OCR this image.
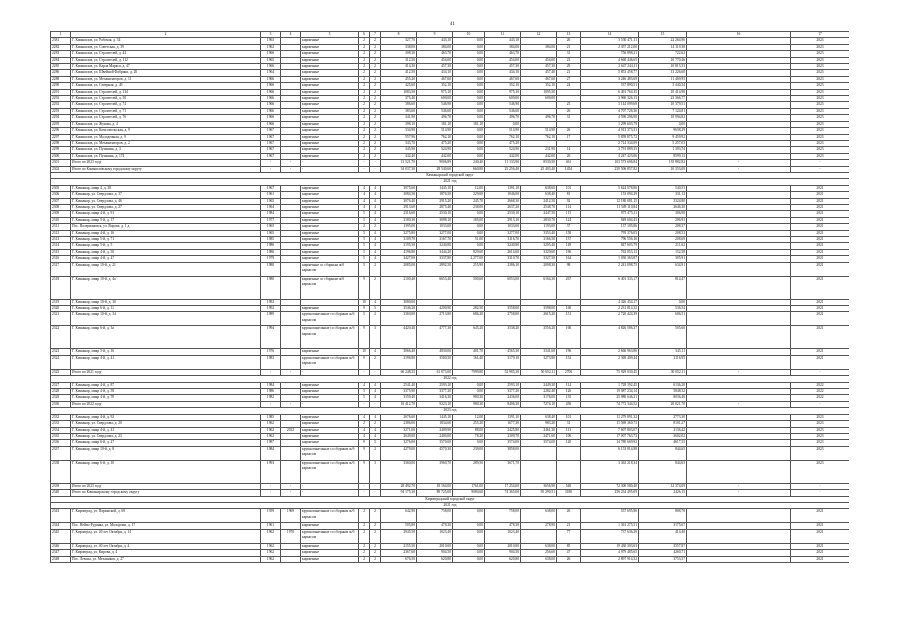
41
1	2	3	4	5	6	7	8	9	10	11	12	13	14	15	16	17
2381	Г. Камышлов, ул. Рабочая, д. 34	1963		кирпичные	2	2	327,70	443,10	0,00	443,10		26	3 530 471,11	22 264,96		2023
2282	Г. Камышлов, ул. Советская, д. 39	1962		кирпичные	2	2	338,00	384,00	0,00	384,00	384,00	21	2 357 212,00	14 119,38		2023
2283	Г. Камышлов, ул. Строителей, д. 44	1966		кирпичные	2	2	308,30	463,70	0,00	463,70		31	756 898,21	722,62		2023
2284	Г. Камышлов, ул. Строителей, д. 112	1965		кирпичные	2	2	312,50	454,00	0,00	454,00	454,00	23	4 660 446,65	10 770,46		2023
2285	Г. Камышлов, ул. Карла Маркса, д. 47	1966		кирпичные	2	2	414,30	457,30	0,00	457,30	457,30	29	2 647 244,11	10 815,53		2023
2286	Г. Камышлов, ул. Швейной Фабрики, д. 20	1964		кирпичные	2	2	412,50	434,10	0,00	434,10	457,40	21	5 853 458,77	13 226,60		2023
2288	Г. Камышлов, ул. Механизаторов, д. 11	1966		кирпичные	2	2	455,20	467,60	0,00	467,60	467,60	27	3 246 483,69	11 469,95		2023
2290	Г. Камышлов, ул. Северная, д. 49	1966		кирпичные	2	2	425,60	352,10	0,00	352,10	352,10	24	537 890,51	3 440,34		2023
2291	Г. Камышлов, ул. Строителей, д. 134	1966		кирпичные	2	2	1083,50	975,10	0,00	975,10	1095,50		6 491 764,35	10 414,90		2023
2292	Г. Камышлов, ул. Строителей, д. 50	1966		кирпичные	2	2	375,40	600,00	0,00	600,00	600,00		3 960 326,13	23 366,77		2023
2292	Г. Камышлов, ул. Строителей, д. 74	1966		кирпичные	2	2	386,60	546,90	0,00	546,90		25	3 144 099,69	10 379,51		2023
2293	Г. Камышлов, ул. Строителей, д. 71	1966		кирпичные	2	2	383,60	546,60	0,00	546,60		26	4 707 726,36	7 124,81		2023
2294	Г. Камышлов, ул. Строителей, д. 76	1966		кирпичные	2	2	341,90	496,70	0,00	496,70	496,70	31	4 590 296,90	10 994,82		2023
2295	Г. Камышлов, ул. Жукова, д. 4	1966		кирпичные	2	2	398,10	181,10	181,10	0,00			1 299 603,79	0,00		2023
2296	Г. Камышлов, ул. Комсомольская, д. 9	1967		кирпичные	2	2	334,90	514,90	0,00	514,90	514,90	26	4 913 373,31	9638,29		2023
2297	Г. Камышлов, ул. Молодежная, д. 9	1967		кирпичные	2	2	557,96	762,10	0,00	762,10	762,10	17	5 859 875,72	9 459,92		2023
2298	Г. Камышлов, ул. Механизаторов, д. 2	1967		кирпичные	2	2	343,70	475,20	0,00	475,20			2 714 334,09	5 257,03		2023
2299	Г. Камышлов, ул. Пушкина, д. 3	1967		кирпичные	2	2	345,90	524,90	0,00	524,90	231,90	14	3 791 889,35	1 393,74		2023
2300	Г. Камышлов, ул. Пушкина, д. 174	1967		кирпичные	2	2	442,40	442,00	0,00	442,00	442,00	26	4 247 423,06	8599,13		2023
2301	Итого по 2023 году	-	-	-	-	-	13 521,70	9006,89	240,40	11 133,90	8530,50	461	103 573 606,84	135 882,82	-	-
2302	Итого по Камышловскому городскому округу	-	-	-	-	-	34 037,30	28 540,60	660,80	25 256,40	25 403,40	1454	250 506 857,82	10 353,09	-	-
Качканарский городской округ																
2021 год																
2305	Г. Качканар, микр 4, д. 28	1967		кирпичные	4	4	3075,60	1445,10	12,00	1391,10	638,60	101	5 624 078,86	540,53		2021
2306	Г. Качканар, ул. Свердлова, д. 37	1961		кирпичные	4	4	3084,50	1876,50	229,00	1046,00	638,40	81	153 094,29	331,12		2021
2307	Г. Качканар, ул. Свердлова, д. 46	1965		кирпичные	4	4	3076,40	2915,20	245,70	2668,30	2412,50	92	12 180 081,15	3324,80		2021
2308	Г. Качканар, ул. Свердлова, д. 27	1964		кирпичные	4	4	2913,60	2875,40	238,00	2637,20	2548,70	114	11 549 110,84	2646,30		2021
2309	Г. Качканар, микр 4-й, д. 91	1984		кирпичные	5	4	2316,60	2530,10	0,00	2530,10	2447,50	115	975 475,11	306,90		2021
2310	Г. Качканар, микр 5-й, д. 17	1977		кирпичные	5	4	3180,30	3098,10	185,00	2913,10	2830,70	124	949 604,43	296,93		2021
2311	Пос. Валериановск, ул. Ворова, д. 1 д	1965		кирпичные	2	2	1395,00	1033,00	0,00	1033,00	1193,00	37	137 105,86	208,37		2021
2312	Г. Качканар, микр 4-й, д. 16	1965		кирпичные	5	4	3275,80	3277,00	0,00	3277,00	3353,40	158	795 376,05	208,53		2021
2313	Г. Качканар, микр 5-й, д. 71	1985		кирпичные	5	4	3109,70	3167,70	51,00	3116,70	3166,50	137	796 556,16	208,69		2021
2314	Г. Качканар, микр 5-й, д. 5	1986		кирпичные	5	4	3195,50	3240,80	0,00	3240,80	3205,40	149	847 603,79	211,62		2021
2315	Г. Качканар, микр 4-й, д. 50	1986		кирпичные	5	4	4196,80	3444,20	829,60	2614,60	3329,60	196	763 053,13	152,58		2021
2316	Г. Качканар, микр 4-й, д. 47	1979		кирпичные	5	4	3427,00	3337,80	2,277,00	3310,70	3327,50	164	1 030 363,87	305,91		2021
2317	Г. Качканар, микр 10-й, д. 21	1980		кирпичные со сборным ж/б каркасом	5	2	2085,00	2892,50	255,90	2386,10	2008,30	98	2 241 098,75	634,91		2021
2318	Г. Качканар, микр 10-й, д. 4а	1980		кирпичные со сборным ж/б каркасом	9	2	2100,40	6653,40	500,60	6053,00	6164,30	267	6 401 333,17	814,47		2021
2319	Г. Качканар, микр 10-й, д. 30	1992			10	4	3080,00						4 426 454,17	0,00		2021
2320	Г. Качканар, микр 6-й, д. 11	1992		кирпичные	9	5	3546,20	4200,90	282,50	3558,00	3598,00	160	2 231 814,32	536,54		2021
2321	Г. Качканар, микр 10-й, д. 34	1989		крупнопанельные со сборным ж/б каркасом	5	2	3360,00	2713,80	686,20	2758,00	2615,20	151	2 720 424,39	606,51		2021
2322	Г. Качканар, микр 6-й, д. 3а	1994		крупнопанельные со сборным ж/б каркасом	9	3	4420,40	4777,30	645,20	3538,20	3556,20	160	4 826 586,37	505,60		2021
2323	Г. Качканар, микр 5-й, д. 16	1976		кирпичные	10	4	3066,40	4830,00	401,70	4565,30	3341,60	196	2 666 963,86	345,11		2021
2324	Г. Качканар, микр 4-й, д. 41	1983		крупнопанельные со сборным ж/б каркасом	9	2	2196,80	3500,50	161,40	3179,10	3273,80	152	2 369 409,44	2116,95		2021
2325	Итого по 2021 году	-	-	-	-	-	66 248,35	61 873,00	7999,80	52 985,30	50 652,11	2706	75 929 030,45	30 052,11	-	-
2022 год																
2327	Г. Качканар, микр 4-й, д. 87	1984		кирпичные	4	4	2541,40	2593,10	0,00	2593,10	2449,30	114	1 728 392,45	6136,20		2022
2328	Г. Качканар, микр 4-й, д. 58	1986		кирпичные	5	4	3375,90	3377,20	0,00	3377,20	2282,40	126	19 087 234,14	5848,32		2022
2329	Г. Качканар, микр 4-й, д. 78	1982		кирпичные	5	4	3159,40	3416,30	980,30	2436,00	3176,00	135	25 980 646,21	8036,46		2022
2330	Итого по 2022 году	-	-	-	-	-	10 412,70	9223,10	980,30	8406,30	7274,10	450	74 772 344,52	20 021,70	-	-
2023 год																
2332	Г. Качканар, микр 4-й, д. 92	1985		кирпичные	4	4	2676,60	1445,10	12,00	1391,10	638,40	101	11 279 891,32	2773,30		2023
2333	Г. Качканар, ул. Свердлова, д. 20	1962		кирпичные	2	2	2386,00	1834,60	255,20	1677,30	983,20	31	11 569 360,73	8101,27		2023
2334	Г. Качканар, микр 4-й, д. 41	1962	2012	кирпичные	4	4	3271,00	2409,90	88,00	2425,80	2461,30	113	7 607 803,07	2136,42		2023
2335	Г. Качканар, ул. Свердлова, д. 23	1962		кирпичные	4	4	2649,00	2400,00	78,20	2309,70	2471,60	106	17 007 763,73	3602,02		2023
2336	Г. Качканар, микр 6-й, д. 27	1987		кирпичные	9	5	3276,00	3570,00	0,00	3574,00	3574,00	120	14 780 669,92	4617,53		2023
2337	Г. Качканар, микр 10-й, д. 8	1984		крупнопанельные со сборным ж/б каркасом	9	2	4279,00	4570,30	239,00	3858,00			6 153 014,98	844,65		2023
2338	Г. Качканар, микр 6-й, д. 10	1993		крупнопанельные со сборным ж/б каркасом	9	3	3360,00	3960,70	289,50	3671,70			3 363 218,34	844,65		2023
2339	Итого по 2023 году	-	-	-	-	-	20 492,70	18 164,00	1761,00	17 254,00	3656,90	540	72 300 580,40	12 374,09	-	-
2340	Итого по Качканарскому городскому округу	-	-	-	-	-	94 175,30	89 725,00	9080,60	74 365,00	95 290,51	3180	256 234 495,09	2426,15	-	-
Кировградский городской округ																
2021 год																
2343	Г. Кировград, ул. Парижской, д. 68	1959	1969	крупнопанельные со сборным ж/б каркасом	2	2	642,90	758,00	0,00	758,00	638,00	26	537 695,86	808,78		2021
2344	Пос. Нейво-Рудянка, ул. Молодежи, д. 17	1961		кирпичные	2	2	505,80	478,30	0,00	478,30	278,90	21	1 361 275,51	3175,67		2021
2345	Г. Кировград, ул. 40 лет Октября, д. 14	1962	1970	крупнопанельные со сборным ж/б каркасом	2	2	2945,50	1023,40	0,00	1023,40		77	737 636,29	414,40		2021
2346	Г. Кировград, ул. 40 лет Октября, д. 4	1962		кирпичные	2	2	2155,50	2010,00	0,00	2010,00	638,00	85	19 430 303,63	3557,87		2021
2347	Г. Кировград, ул. Кирова, д. 4	1962		кирпичные	2	2	2367,60	904,50	0,00	904,50	256,60	47	4 979 485,65	4260,71		2021
2348	Пос. Левиха, ул. Механиков, д. 27	1962		кирпичные	2	2	676,50	620,80	0,00	620,80	638,00	26	2 897 914,52	3753,57		2021
